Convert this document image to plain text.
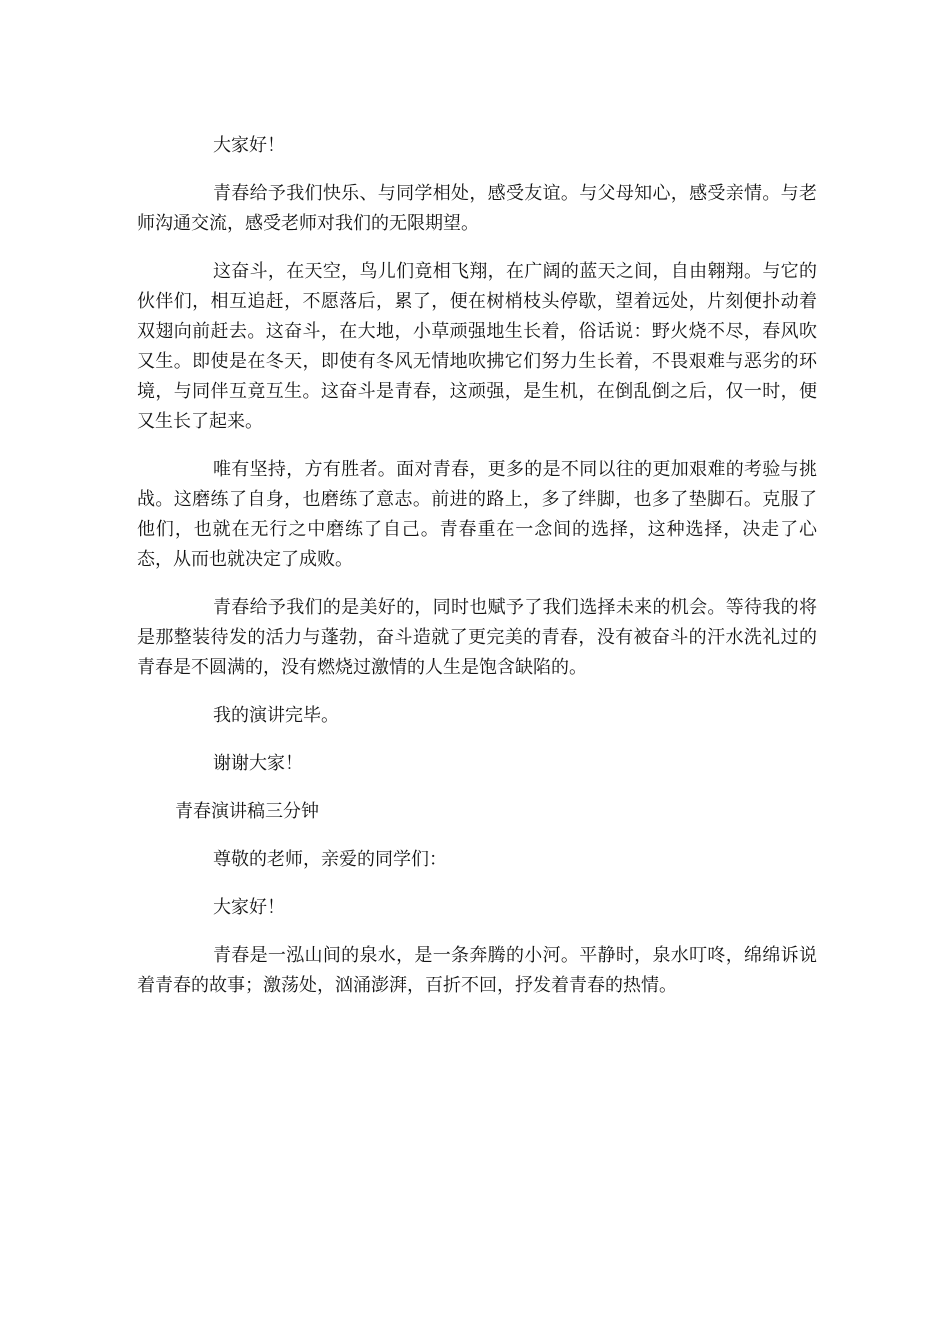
大家好！

青春给予我们快乐、与同学相处，感受友谊。与父母知心，感受亲情。与老师沟通交流，感受老师对我们的无限期望。

这奋斗，在天空，鸟儿们竟相飞翔，在广阔的蓝天之间，自由翱翔。与它的伙伴们，相互追赶，不愿落后，累了，便在树梢枝头停歇，望着远处，片刻便扑动着双翅向前赶去。这奋斗，在大地，小草顽强地生长着，俗话说：野火烧不尽，春风吹又生。即使是在冬天，即使有冬风无情地吹拂它们努力生长着，不畏艰难与恶劣的环境，与同伴互竟互生。这奋斗是青春，这顽强，是生机，在倒乱倒之后，仅一时，便又生长了起来。

唯有坚持，方有胜者。面对青春，更多的是不同以往的更加艰难的考验与挑战。这磨练了自身，也磨练了意志。前进的路上，多了绊脚，也多了垫脚石。克服了他们，也就在无行之中磨练了自己。青春重在一念间的选择，这种选择，决走了心态，从而也就决定了成败。

青春给予我们的是美好的，同时也赋予了我们选择未来的机会。等待我的将是那整装待发的活力与蓬勃，奋斗造就了更完美的青春，没有被奋斗的汗水洗礼过的青春是不圆满的，没有燃烧过激情的人生是饱含缺陷的。

我的演讲完毕。

谢谢大家！

青春演讲稿三分钟

尊敬的老师，亲爱的同学们：

大家好！

青春是一泓山间的泉水，是一条奔腾的小河。平静时，泉水叮咚，绵绵诉说着青春的故事；激荡处，汹涌澎湃，百折不回，抒发着青春的热情。
